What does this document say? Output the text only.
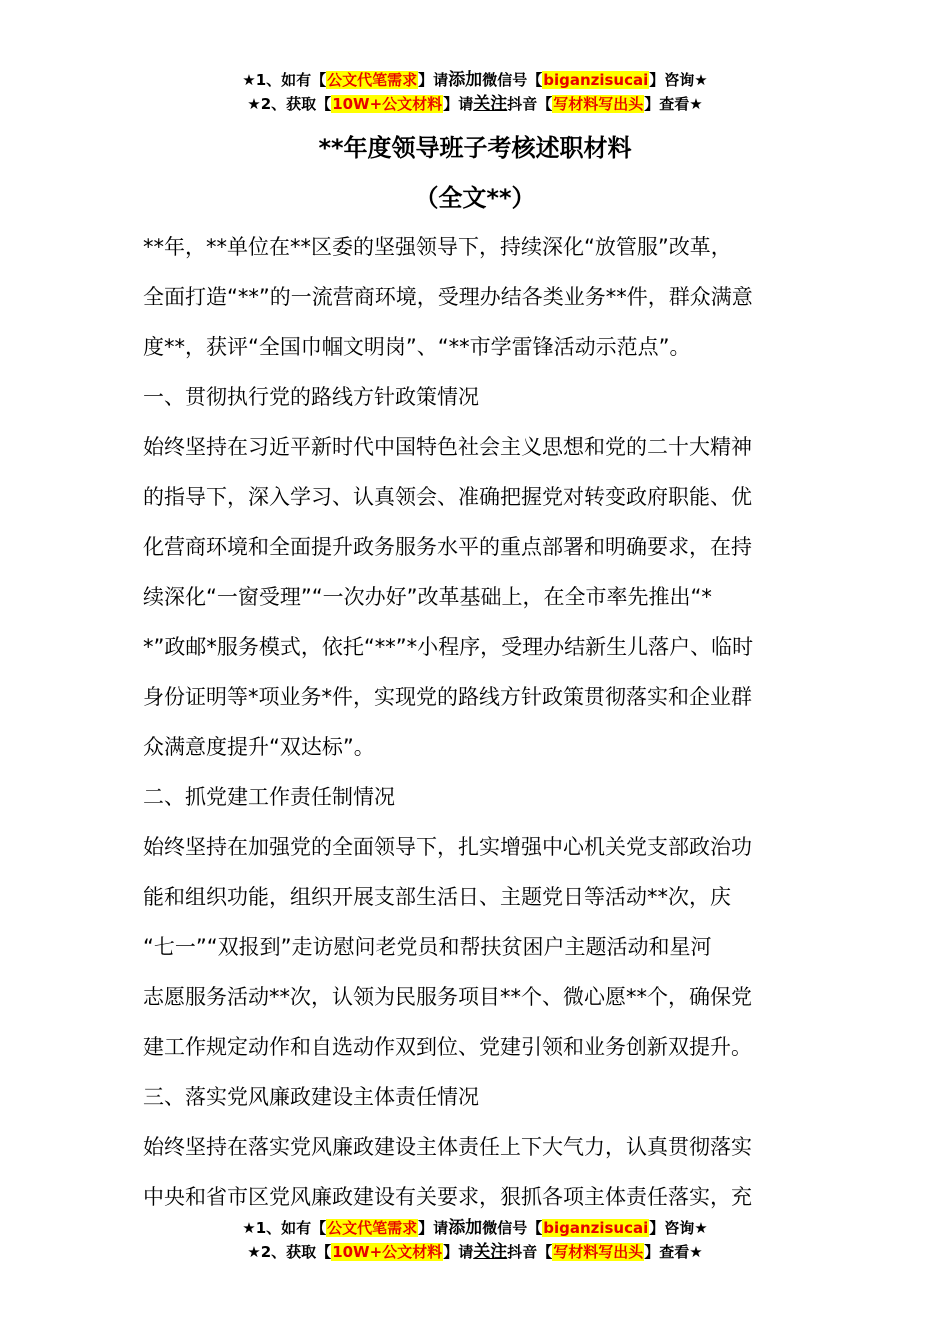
★1、如有【公文代笔需求】请添加微信号【biganzisucai】咨询★
★2、获取【10W+公文材料】请关注抖音【写材料写出头】查看★
**年度领导班子考核述职材料
（全文**）

**年，**单位在**区委的坚强领导下，持续深化“放管服”改革，

全面打造“**”的一流营商环境，受理办结各类业务**件，群众满意

度**，获评“全国巾帼文明岗”、“**市学雷锋活动示范点”。

一、贯彻执行党的路线方针政策情况

始终坚持在习近平新时代中国特色社会主义思想和党的二十大精神

的指导下，深入学习、认真领会、准确把握党对转变政府职能、优

化营商环境和全面提升政务服务水平的重点部署和明确要求，在持

续深化“一窗受理”“一次办好”改革基础上，在全市率先推出“*

*”政邮*服务模式，依托“**”*小程序，受理办结新生儿落户、临时

身份证明等*项业务*件，实现党的路线方针政策贯彻落实和企业群

众满意度提升“双达标”。

二、抓党建工作责任制情况

始终坚持在加强党的全面领导下，扎实增强中心机关党支部政治功

能和组织功能，组织开展支部生活日、主题党日等活动**次，庆

“七一”“双报到”走访慰问老党员和帮扶贫困户主题活动和星河

志愿服务活动**次，认领为民服务项目**个、微心愿**个，确保党

建工作规定动作和自选动作双到位、党建引领和业务创新双提升。

三、落实党风廉政建设主体责任情况

始终坚持在落实党风廉政建设主体责任上下大气力，认真贯彻落实

中央和省市区党风廉政建设有关要求，狠抓各项主体责任落实，充

★1、如有【公文代笔需求】请添加微信号【biganzisucai】咨询★
★2、获取【10W+公文材料】请关注抖音【写材料写出头】查看★
